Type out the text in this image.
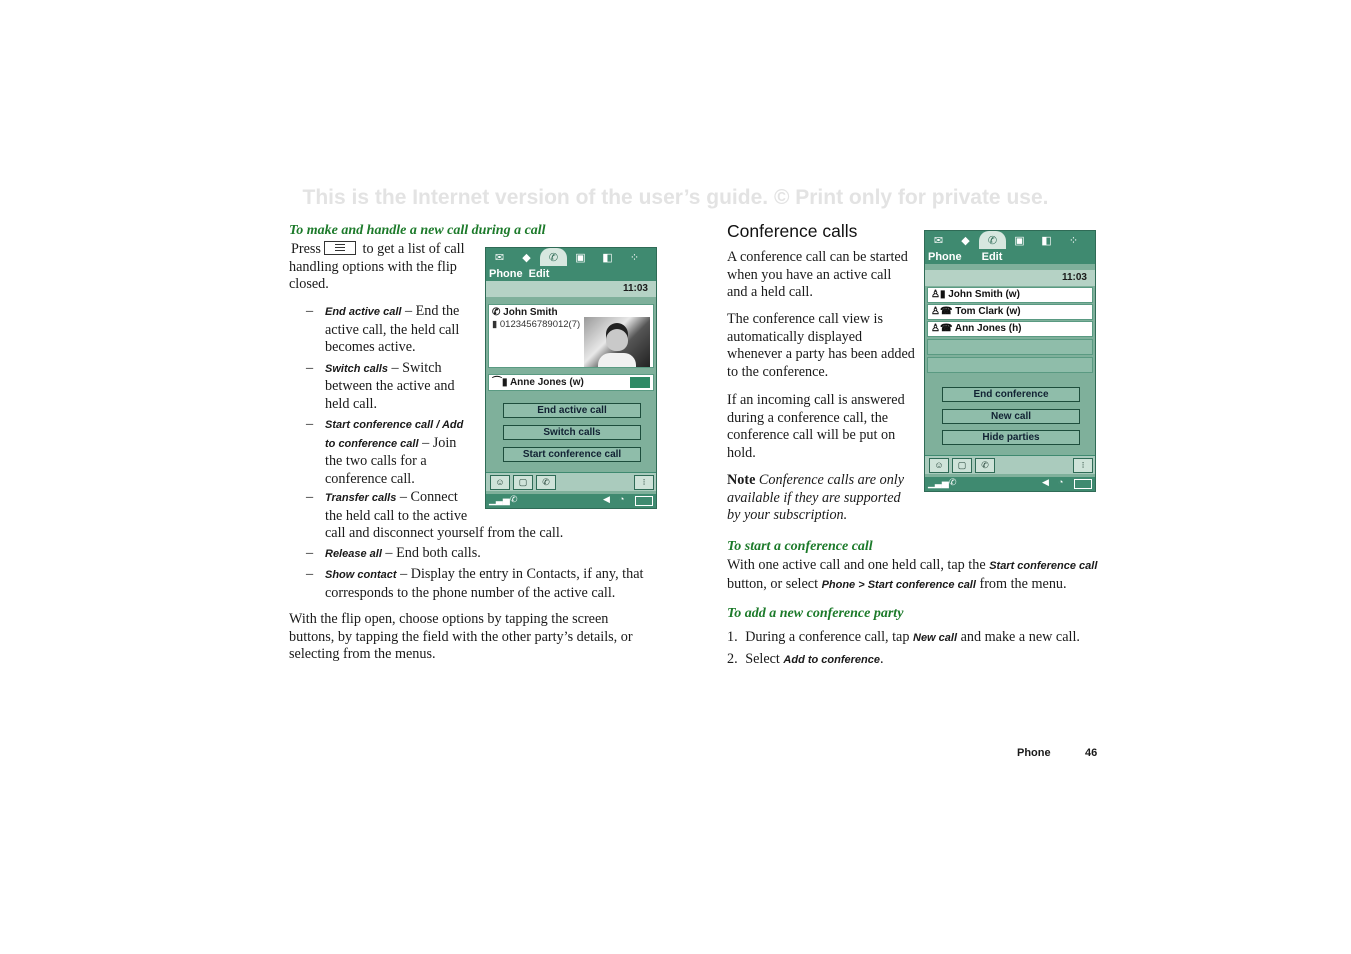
This is the Internet version of the user’s guide. © Print only for private use.
To make and handle a new call during a call
Press	to get a list of call handling options with the flip closed.
– End active call – End the active call, the held call becomes active.
– Switch calls – Switch between the active and held call.
– Start conference call / Add to conference call – Join the two calls for a conference call.
– Transfer calls – Connect the held call to the active
call and disconnect yourself from the call.
– Release all – End both calls.
– Show contact – Display the entry in Contacts, if any, that corresponds to the phone number of the active call.
With the flip open, choose options by tapping the screen buttons, by tapping the field with the other party’s details, or selecting from the menus.
✉	◆	✆	▣	◧	⁘
Phone Edit
11:03
✆ John Smith
▮ 0123456789012(7)
⌒▮ Anne Jones (w)
End active call
Switch calls
Start conference call
☺	▢	✆	⁝
▁▃▅ ✆	◀ ◔
Conference calls
A conference call can be started when you have an active call and a held call.
The conference call view is automatically displayed whenever a party has been added to the conference.
If an incoming call is answered during a conference call, the conference call will be put on hold.
Note Conference calls are only available if they are supported by your subscription.
✉	◆	✆	▣	◧	⁘
Phone Edit
11:03
♙▮ John Smith (w)
♙☎ Tom Clark (w)
♙☎ Ann Jones (h)
End conference
New call
Hide parties
☺	▢	✆	⁝
▁▃▅ ✆	◀ ◔
To start a conference call
With one active call and one held call, tap the Start conference call button, or select Phone > Start conference call from the menu.
To add a new conference party
1. During a conference call, tap New call and make a new call.
2. Select Add to conference.
Phone	46
